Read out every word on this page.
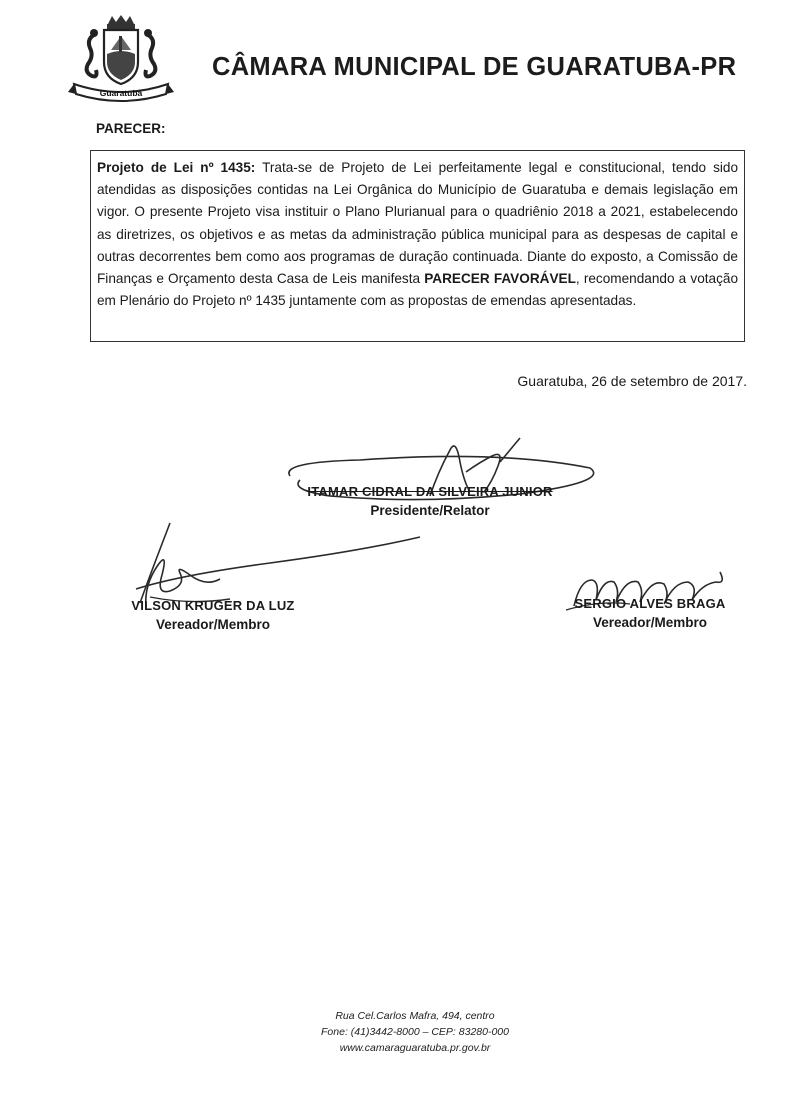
Guaratuba
CÂMARA MUNICIPAL DE GUARATUBA-PR
PARECER:

Projeto de Lei nº 1435: Trata-se de Projeto de Lei perfeitamente legal e constitucional, tendo sido atendidas as disposições contidas na Lei Orgânica do Município de Guaratuba e demais legislação em vigor. O presente Projeto visa instituir o Plano Plurianual para o quadriênio 2018 a 2021, estabelecendo as diretrizes, os objetivos e as metas da administração pública municipal para as despesas de capital e outras decorrentes bem como aos programas de duração continuada. Diante do exposto, a Comissão de Finanças e Orçamento desta Casa de Leis manifesta PARECER FAVORÁVEL, recomendando a votação em Plenário do Projeto nº 1435 juntamente com as propostas de emendas apresentadas.

Guaratuba, 26 de setembro de 2017.
ITAMAR CIDRAL DA SILVEIRA JUNIOR
Presidente/Relator
VILSON KRUGER DA LUZ
Vereador/Membro
SERGIO ALVES BRAGA
Vereador/Membro
Rua Cel.Carlos Mafra, 494, centro
Fone: (41)3442-8000 – CEP: 83280-000
www.camaraguaratuba.pr.gov.br
